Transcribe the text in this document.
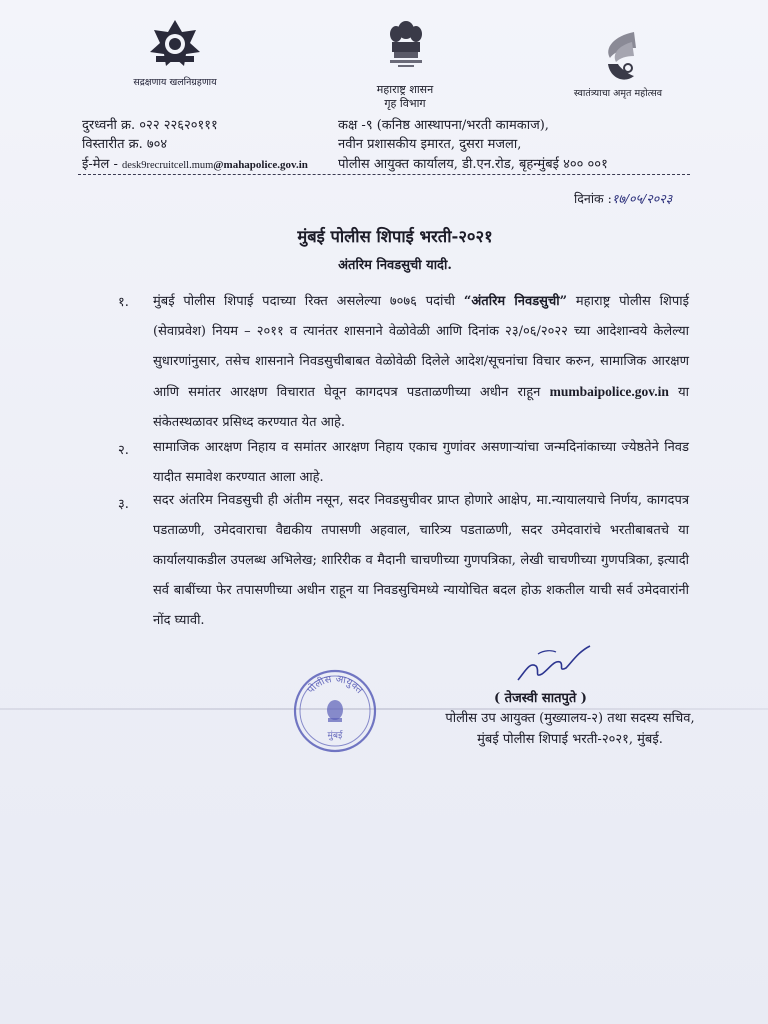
सद्रक्षणाय खलनिग्रहणाय
महाराष्ट्र शासन
गृह विभाग
स्वातंत्र्याचा अमृत महोत्सव
दुरध्वनी क्र. ०२२ २२६२०१११
विस्तारीत क्र. ७०४
ई-मेल - desk9recruitcell.mum@mahapolice.gov.in
कक्ष -९ (कनिष्ठ आस्थापना/भरती कामकाज),
नवीन प्रशासकीय इमारत, दुसरा मजला,
पोलीस आयुक्त कार्यालय, डी.एन.रोड, बृहन्मुंबई ४०० ००१
दिनांक :१७/०५/२०२३
मुंबई पोलीस शिपाई भरती-२०२१
अंतरिम निवडसुची यादी.
१. मुंबई पोलीस शिपाई पदाच्या रिक्त असलेल्या ७०७६ पदांची “अंतरिम निवडसुची” महाराष्ट्र पोलीस शिपाई (सेवाप्रवेश) नियम – २०११ व त्यानंतर शासनाने वेळोवेळी आणि दिनांक २३/०६/२०२२ च्या आदेशान्वये केलेल्या सुधारणांनुसार, तसेच शासनाने निवडसुचीबाबत वेळोवेळी दिलेले आदेश/सूचनांचा विचार करुन, सामाजिक आरक्षण आणि समांतर आरक्षण विचारात घेवून कागदपत्र पडताळणीच्या अधीन राहून mumbaipolice.gov.in या संकेतस्थळावर प्रसिध्द करण्यात येत आहे.
२. सामाजिक आरक्षण निहाय व समांतर आरक्षण निहाय एकाच गुणांवर असणाऱ्यांचा जन्मदिनांकाच्या ज्येष्ठतेने निवड यादीत समावेश करण्यात आला आहे.
३. सदर अंतरिम निवडसुची ही अंतीम नसून, सदर निवडसुचीवर प्राप्त होणारे आक्षेप, मा.न्यायालयाचे निर्णय, कागदपत्र पडताळणी, उमेदवाराचा वैद्यकीय तपासणी अहवाल, चारित्र्य पडताळणी, सदर उमेदवारांचे भरतीबाबतचे या कार्यालयाकडील उपलब्ध अभिलेख; शारिरीक व मैदानी चाचणीच्या गुणपत्रिका, लेखी चाचणीच्या गुणपत्रिका, इत्यादी सर्व बाबींच्या फेर तपासणीच्या अधीन राहून या निवडसुचिमध्ये न्यायोचित बदल होऊ शकतील याची सर्व उमेदवारांनी नोंद घ्यावी.
( तेजस्वी सातपुते )
पोलीस उप आयुक्त (मुख्यालय-२) तथा सदस्य सचिव,
मुंबई पोलीस शिपाई भरती-२०२१, मुंबई.
पोलीस आयुक्त
मुंबई
